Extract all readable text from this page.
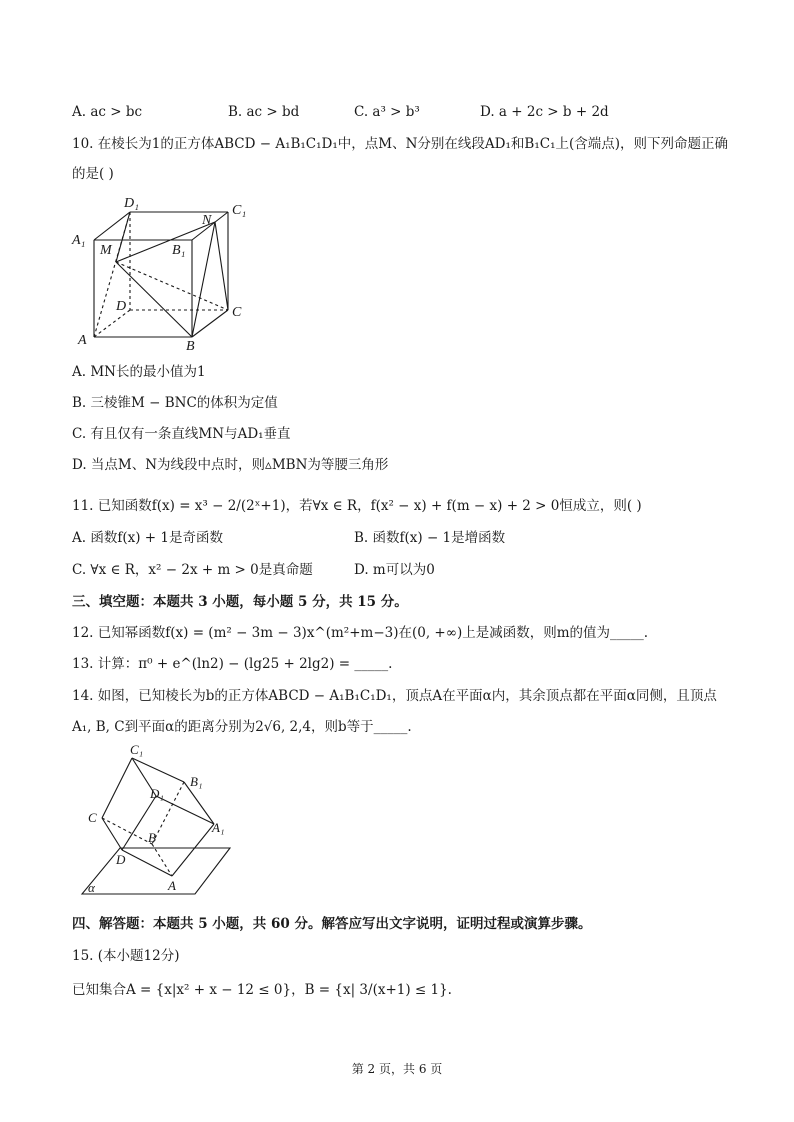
A. ac > bc	B. ac > bd	C. a³ > b³	D. a + 2c > b + 2d
10. 在棱长为1的正方体ABCD − A₁B₁C₁D₁中，点M、N分别在线段AD₁和B₁C₁上(含端点)，则下列命题正确
的是( )
D₁	C₁
A₁
B₁
M
N
D	C
A	B
A. MN长的最小值为1
B. 三棱锥M − BNC的体积为定值
C. 有且仅有一条直线MN与AD₁垂直
D. 当点M、N为线段中点时，则▵MBN为等腰三角形
11. 已知函数f(x) = x³ − 2/(2ˣ+1)，若∀x ∈ R，f(x² − x) + f(m − x) + 2 > 0恒成立，则( )
A. 函数f(x) + 1是奇函数	B. 函数f(x) − 1是增函数
C. ∀x ∈ R，x² − 2x + m > 0是真命题	D. m可以为0
三、填空题：本题共 3 小题，每小题 5 分，共 15 分。
12. 已知幂函数f(x) = (m² − 3m − 3)x^(m²+m−3)在(0, +∞)上是减函数，则m的值为_____.
13. 计算：π⁰ + e^(ln2) − (lg25 + 2lg2) = _____.
14. 如图，已知棱长为b的正方体ABCD − A₁B₁C₁D₁，顶点A在平面α内，其余顶点都在平面α同侧，且顶点
A₁, B, C到平面α的距离分别为2√6, 2,4，则b等于_____.
C₁
B₁
D₁
C
A₁
B
D
A
α
四、解答题：本题共 5 小题，共 60 分。解答应写出文字说明，证明过程或演算步骤。
15. (本小题12分)
已知集合A = {x|x² + x − 12 ≤ 0}，B = {x| 3/(x+1) ≤ 1}.
第 2 页，共 6 页
